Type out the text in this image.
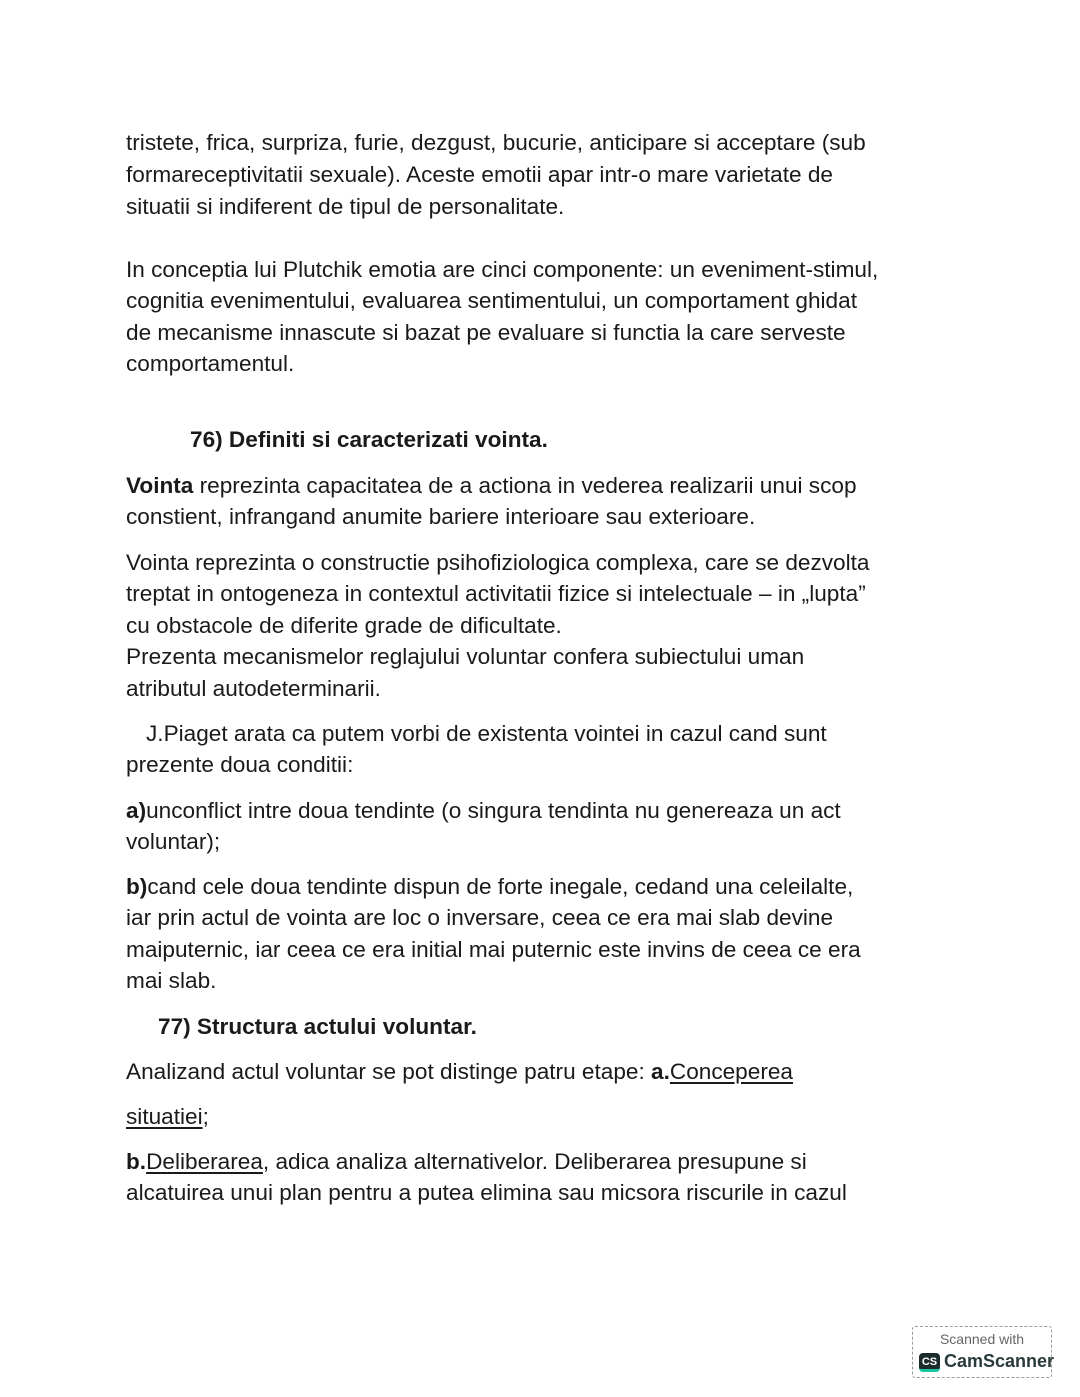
tristete, frica, surpriza, furie, dezgust, bucurie, anticipare si acceptare (sub
formareceptivitatii sexuale). Aceste emotii apar intr-o mare varietate de
situatii si indiferent de tipul de personalitate.
In conceptia lui Plutchik emotia are cinci componente: un eveniment-stimul,
cognitia evenimentului, evaluarea sentimentului, un comportament ghidat
de mecanisme innascute si bazat pe evaluare si functia la care serveste
comportamentul.
76) Definiti si caracterizati vointa.
Vointa reprezinta capacitatea de a actiona in vederea realizarii unui scop
constient, infrangand anumite bariere interioare sau exterioare.
Vointa reprezinta o constructie psihofiziologica complexa, care se dezvolta
treptat in ontogeneza in contextul activitatii fizice si intelectuale – in „lupta”
cu obstacole de diferite grade de dificultate.
Prezenta mecanismelor reglajului voluntar confera subiectului uman
atributul autodeterminarii.
J.Piaget arata ca putem vorbi de existenta vointei in cazul cand sunt
prezente doua conditii:
a)unconflict intre doua tendinte (o singura tendinta nu genereaza un act
voluntar);
b)cand cele doua tendinte dispun de forte inegale, cedand una celeilalte,
iar prin actul de vointa are loc o inversare, ceea ce era mai slab devine
maiputernic, iar ceea ce era initial mai puternic este invins de ceea ce era
mai slab.
77) Structura actului voluntar.
Analizand actul voluntar se pot distinge patru etape: a.Conceperea
situatiei;
b.Deliberarea, adica analiza alternativelor. Deliberarea presupune si
alcatuirea unui plan pentru a putea elimina sau micsora riscurile in cazul
Scanned with
CS CamScanner
